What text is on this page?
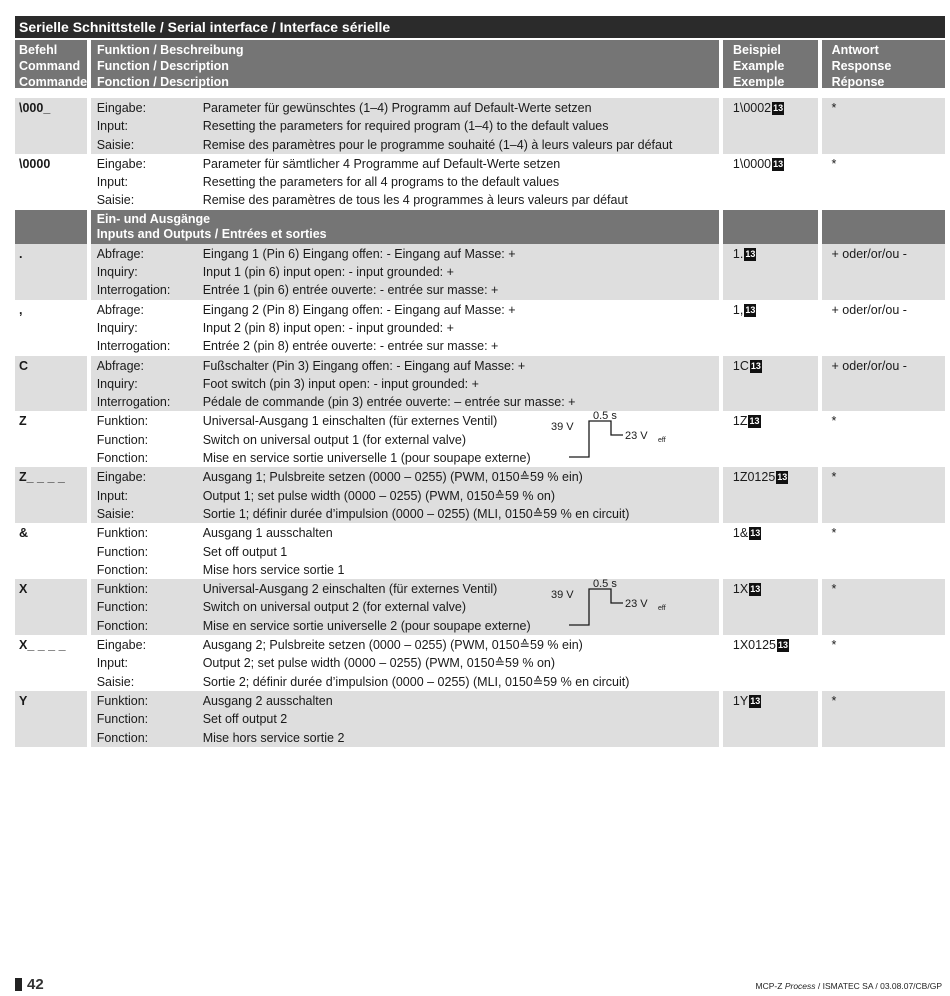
Serielle Schnittstelle / Serial interface / Interface sérielle
Befehl
Command
Commande
Funktion / Beschreibung
Function / Description
Fonction / Description
Beispiel
Example
Exemple
Antwort
Response
Réponse
\000_	Eingabe:	Parameter für gewünschtes (1–4) Programm auf Default-Werte setzen
Input:	Resetting the parameters for required program (1–4) to the default values
Saisie:	Remise des paramètres pour le programme souhaité (1–4) à leurs valeurs par défaut
1\0002 13	*
\0000	Eingabe:	Parameter für sämtlicher 4 Programme auf Default-Werte setzen
Input:	Resetting the parameters for all 4 programs to the default values
Saisie:	Remise des paramètres de tous les 4 programmes à leurs valeurs par défaut
1\0000 13	*
Ein- und Ausgänge
Inputs and Outputs / Entrées et sorties
.	Abfrage:	Eingang 1 (Pin 6) Eingang offen: - Eingang auf Masse: +
Inquiry:	Input 1 (pin 6) input open: - input grounded: +
Interrogation:	Entrée 1 (pin 6) entrée ouverte: - entrée sur masse: +
1. 13	+ oder/or/ou -
,	Abfrage:	Eingang 2 (Pin 8) Eingang offen: - Eingang auf Masse: +
Inquiry:	Input 2 (pin 8) input open: - input grounded: +
Interrogation:	Entrée 2 (pin 8) entrée ouverte: - entrée sur masse: +
1, 13	+ oder/or/ou -
C	Abfrage:	Fußschalter (Pin 3) Eingang offen: - Eingang auf Masse: +
Inquiry:	Foot switch (pin 3) input open: - input grounded: +
Interrogation:	Pédale de commande (pin 3) entrée ouverte: – entrée sur masse: +
1C 13	+ oder/or/ou -
Z	Funktion:	Universal-Ausgang 1 einschalten (für externes Ventil)
Function:	Switch on universal output 1 (for external valve)
Fonction:	Mise en service sortie universelle 1 (pour soupape externe)
0.5 s
39 V
23 V eff
1Z 13	*
Z_ _ _ _	Eingabe:	Ausgang 1; Pulsbreite setzen (0000 – 0255) (PWM, 0150≙59 % ein)
Input:	Output 1; set pulse width (0000 – 0255) (PWM, 0150≙59 % on)
Saisie:	Sortie 1; définir durée d’impulsion (0000 – 0255) (MLI, 0150≙59 % en circuit)
1Z0125 13	*
&	Funktion:	Ausgang 1 ausschalten
Function:	Set off output 1
Fonction:	Mise hors service sortie 1
1& 13	*
X	Funktion:	Universal-Ausgang 2 einschalten (für externes Ventil)
Function:	Switch on universal output 2 (for external valve)
Fonction:	Mise en service sortie universelle 2 (pour soupape externe)
0.5 s
39 V
23 V eff
1X 13	*
X_ _ _ _	Eingabe:	Ausgang 2; Pulsbreite setzen (0000 – 0255) (PWM, 0150≙59 % ein)
Input:	Output 2; set pulse width (0000 – 0255) (PWM, 0150≙59 % on)
Saisie:	Sortie 2; définir durée d’impulsion (0000 – 0255) (MLI, 0150≙59 % en circuit)
1X0125 13	*
Y	Funktion:	Ausgang 2 ausschalten
Function:	Set off output 2
Fonction:	Mise hors service sortie 2
1Y 13	*
42	MCP-Z Process / ISMATEC SA / 03.08.07/CB/GP
